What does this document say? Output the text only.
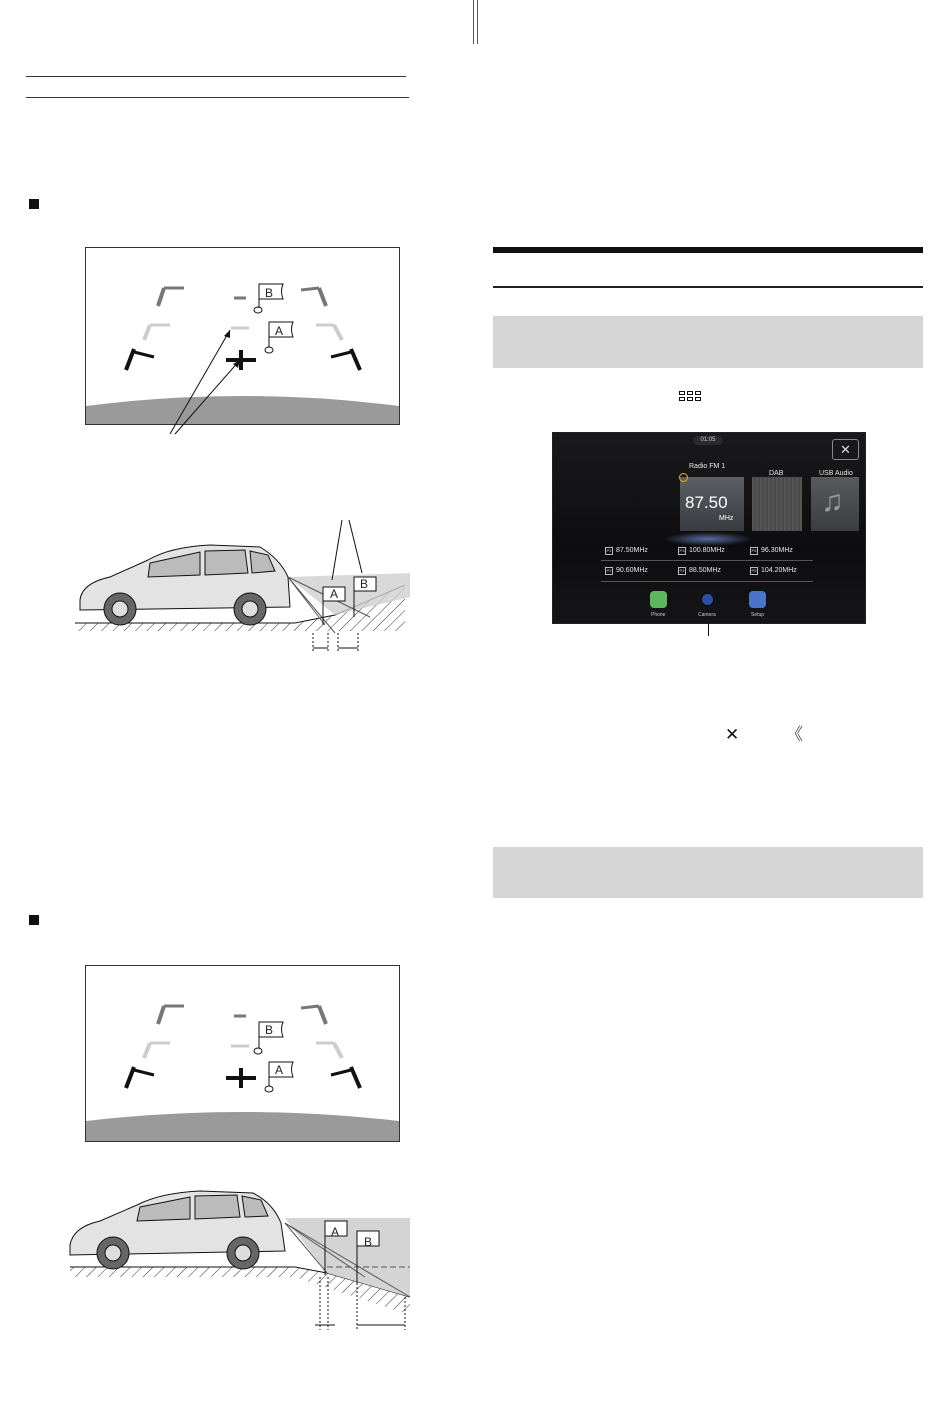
B
A
A
B
B
A
A
B
01:05
✕
Radio FM 1
DAB	USB Audio
♫
87.50
MHz
P1 87.50MHz	P3 100.80MHz	P5 96.30MHz
P2 90.60MHz	P4 88.50MHz	P6 104.20MHz
Phone	Camera	Setup
✕	《
